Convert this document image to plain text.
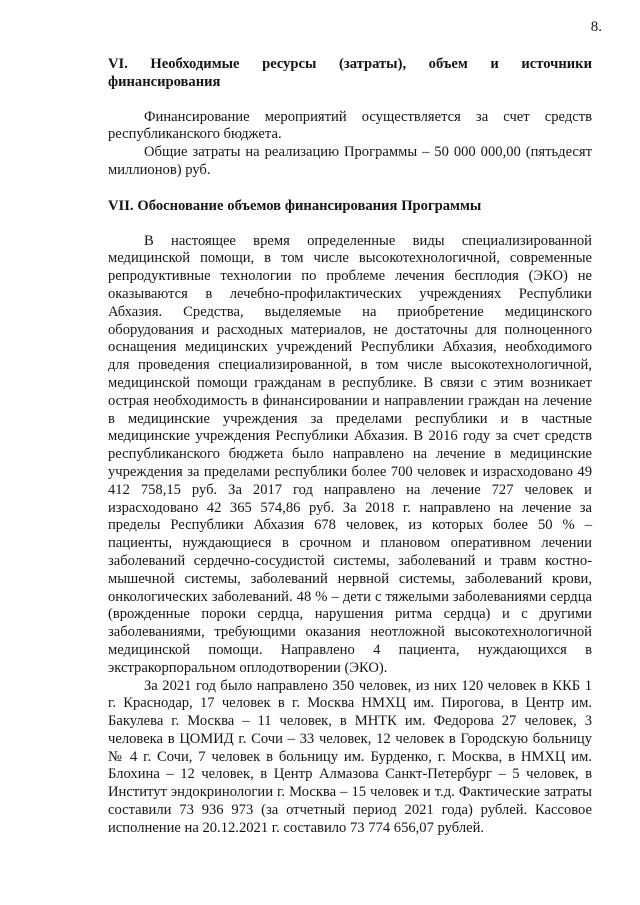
8.
VI. Необходимые ресурсы (затраты), объем и источники финансирования

Финансирование мероприятий осуществляется за счет средств республиканского бюджета.

Общие затраты на реализацию Программы – 50 000 000,00 (пятьдесят миллионов) руб.

VII. Обоснование объемов финансирования Программы

В настоящее время определенные виды специализированной медицинской помощи, в том числе высокотехнологичной, современные репродуктивные технологии по проблеме лечения бесплодия (ЭКО) не оказываются в лечебно-профилактических учреждениях Республики Абхазия. Средства, выделяемые на приобретение медицинского оборудования и расходных материалов, не достаточны для полноценного оснащения медицинских учреждений Республики Абхазия, необходимого для проведения специализированной, в том числе высокотехнологичной, медицинской помощи гражданам в республике. В связи с этим возникает острая необходимость в финансировании и направлении граждан на лечение в медицинские учреждения за пределами республики и в частные медицинские учреждения Республики Абхазия. В 2016 году за счет средств республиканского бюджета было направлено на лечение в медицинские учреждения за пределами республики более 700 человек и израсходовано 49 412 758,15 руб. За 2017 год направлено на лечение 727 человек и израсходовано 42 365 574,86 руб. За 2018 г. направлено на лечение за пределы Республики Абхазия 678 человек, из которых более 50 % – пациенты, нуждающиеся в срочном и плановом оперативном лечении заболеваний сердечно-сосудистой системы, заболеваний и травм костно-мышечной системы, заболеваний нервной системы, заболеваний крови, онкологических заболеваний. 48 % – дети с тяжелыми заболеваниями сердца (врожденные пороки сердца, нарушения ритма сердца) и с другими заболеваниями, требующими оказания неотложной высокотехнологичной медицинской помощи. Направлено 4 пациента, нуждающихся в экстракорпоральном оплодотворении (ЭКО).

За 2021 год было направлено 350 человек, из них 120 человек в ККБ 1 г. Краснодар, 17 человек в г. Москва НМХЦ им. Пирогова, в Центр им. Бакулева г. Москва – 11 человек, в МНТК им. Федорова 27 человек, 3 человека в ЦОМИД г. Сочи – 33 человек, 12 человек в Городскую больницу № 4 г. Сочи, 7 человек в больницу им. Бурденко, г. Москва, в НМХЦ им. Блохина – 12 человек, в Центр Алмазова Санкт-Петербург – 5 человек, в Институт эндокринологии г. Москва – 15 человек и т.д. Фактические затраты составили 73 936 973 (за отчетный период 2021 года) рублей. Кассовое исполнение на 20.12.2021 г. составило 73 774 656,07 рублей.
